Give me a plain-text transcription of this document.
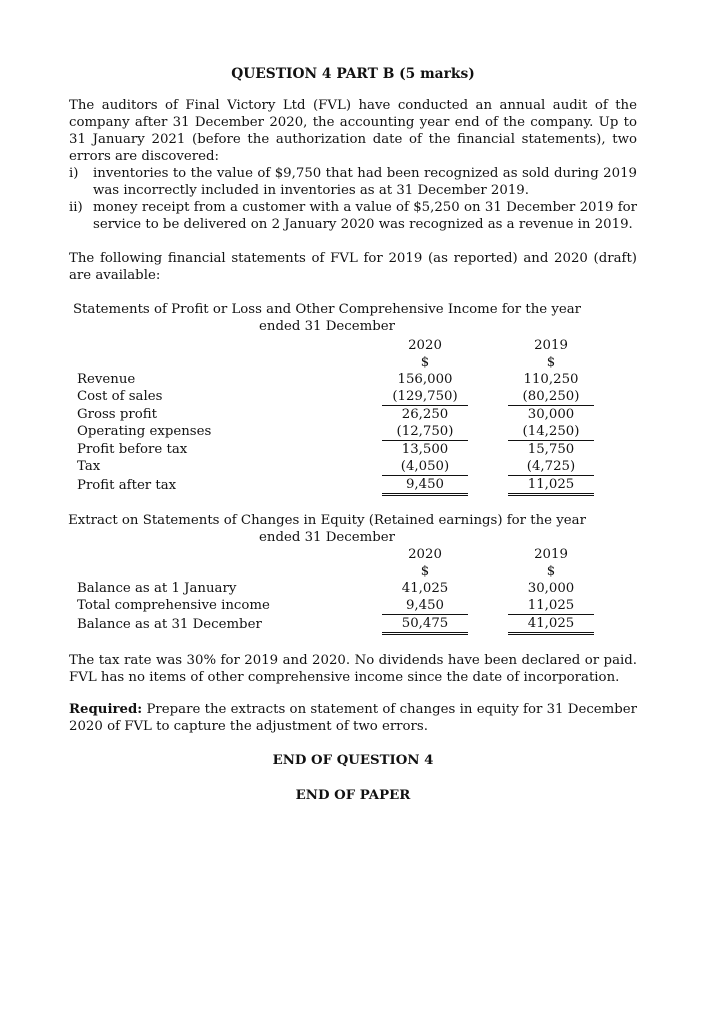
QUESTION 4 PART B (5 marks)
The auditors of Final Victory Ltd (FVL) have conducted an annual audit of the company after 31 December 2020, the accounting year end of the company. Up to 31 January 2021 (before the authorization date of the financial statements), two errors are discovered:
i) inventories to the value of $9,750 that had been recognized as sold during 2019 was incorrectly included in inventories as at 31 December 2019.
ii) money receipt from a customer with a value of $5,250 on 31 December 2019 for service to be delivered on 2 January 2020 was recognized as a revenue in 2019.
The following financial statements of FVL for 2019 (as reported) and 2020 (draft) are available:
Statements of Profit or Loss and Other Comprehensive Income for the year
ended 31 December
	2020		2019
	$		$
Revenue	156,000		110,250
Cost of sales	(129,750)		(80,250)
Gross profit	26,250		30,000
Operating expenses	(12,750)		(14,250)
Profit before tax	13,500		15,750
Tax	(4,050)		(4,725)
Profit after tax	9,450		11,025
Extract on Statements of Changes in Equity (Retained earnings) for the year
ended 31 December
	2020		2019
	$		$
Balance as at 1 January	41,025		30,000
Total comprehensive income	9,450		11,025
Balance as at 31 December	50,475		41,025
The tax rate was 30% for 2019 and 2020. No dividends have been declared or paid. FVL has no items of other comprehensive income since the date of incorporation.
Required: Prepare the extracts on statement of changes in equity for 31 December 2020 of FVL to capture the adjustment of two errors.
END OF QUESTION 4
END OF PAPER
